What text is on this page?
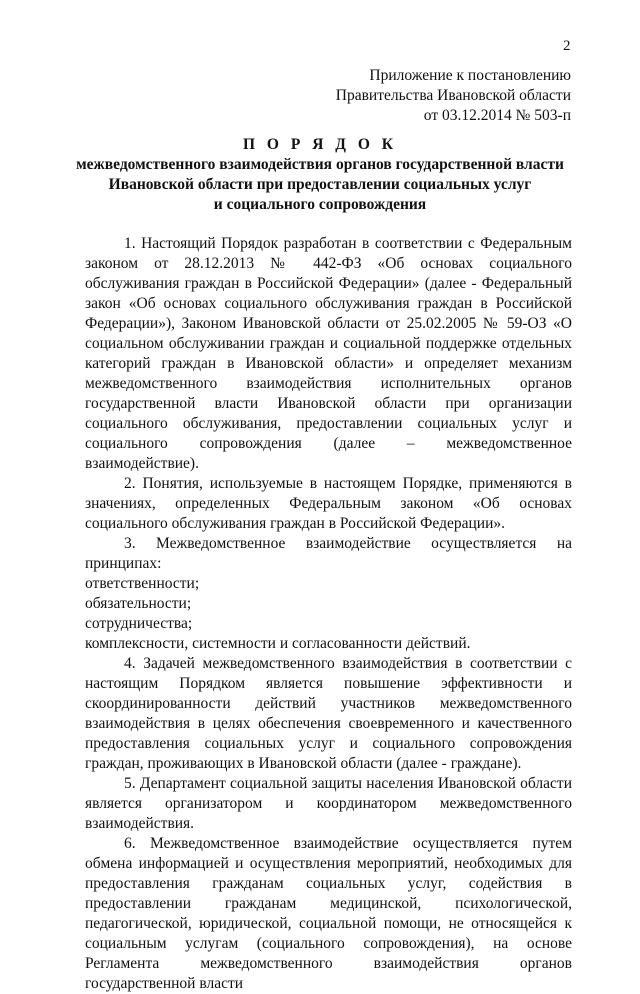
2
Приложение к постановлению
Правительства Ивановской области
от 03.12.2014 № 503-п
П О Р Я Д О К
межведомственного взаимодействия органов государственной власти
Ивановской области при предоставлении социальных услуг
и социального сопровождения

1. Настоящий Порядок разработан в соответствии с Федеральным законом от 28.12.2013 № 442-ФЗ «Об основах социального обслуживания граждан в Российской Федерации» (далее - Федеральный закон «Об основах социального обслуживания граждан в Российской Федерации»), Законом Ивановской области от 25.02.2005 № 59-ОЗ «О социальном обслуживании граждан и социальной поддержке отдельных категорий граждан в Ивановской области» и определяет механизм межведомственного взаимодействия исполнительных органов государственной власти Ивановской области при организации социального обслуживания, предоставлении социальных услуг и социального сопровождения (далее – межведомственное взаимодействие).

2. Понятия, используемые в настоящем Порядке, применяются в значениях, определенных Федеральным законом «Об основах социального обслуживания граждан в Российской Федерации».

3. Межведомственное взаимодействие осуществляется на принципах:

ответственности;

обязательности;

сотрудничества;

комплексности, системности и согласованности действий.

4. Задачей межведомственного взаимодействия в соответствии с настоящим Порядком является повышение эффективности и скоординированности действий участников межведомственного взаимодействия в целях обеспечения своевременного и качественного предоставления социальных услуг и социального сопровождения граждан, проживающих в Ивановской области (далее - граждане).

5. Департамент социальной защиты населения Ивановской области является организатором и координатором межведомственного взаимодействия.

6. Межведомственное взаимодействие осуществляется путем обмена информацией и осуществления мероприятий, необходимых для предоставления гражданам социальных услуг, содействия в предоставлении гражданам медицинской, психологической, педагогической, юридической, социальной помощи, не относящейся к социальным услугам (социального сопровождения), на основе Регламента межведомственного взаимодействия органов государственной власти
